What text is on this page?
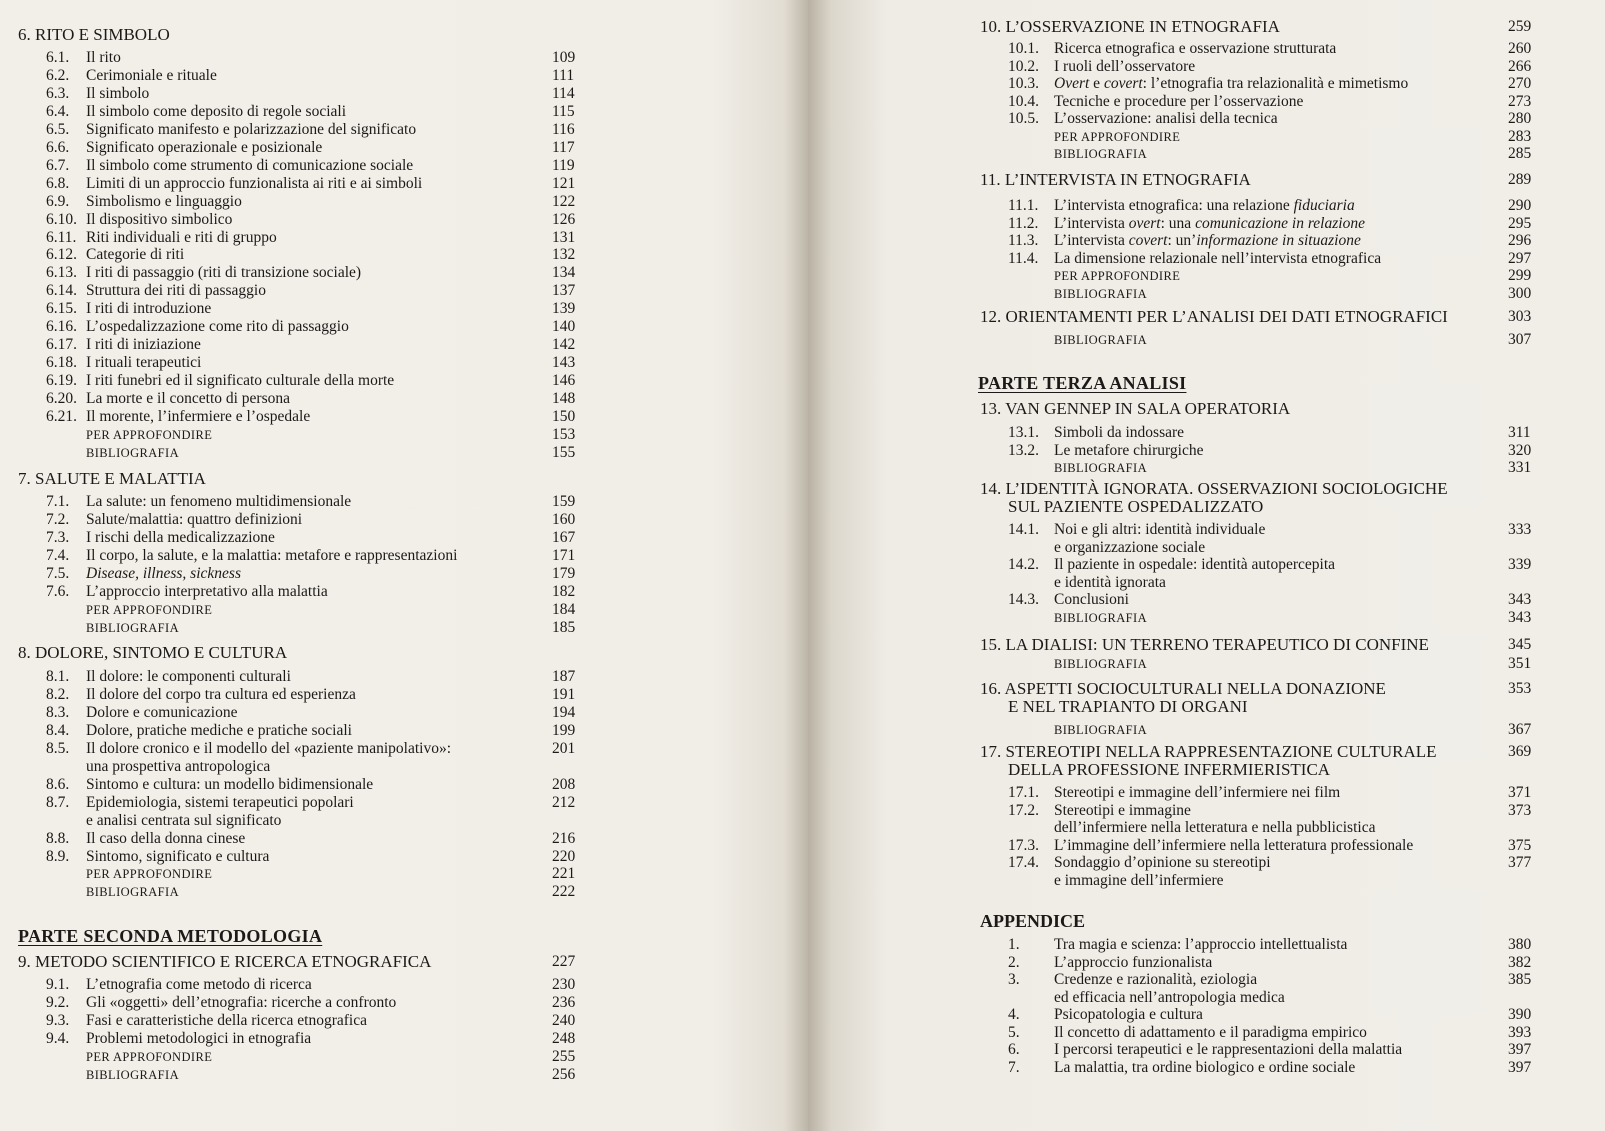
6. RITO E SIMBOLO
6.1. Il rito	109
6.2. Cerimoniale e rituale	111
6.3. Il simbolo	114
6.4. Il simbolo come deposito di regole sociali	115
6.5. Significato manifesto e polarizzazione del significato	116
6.6. Significato operazionale e posizionale	117
6.7. Il simbolo come strumento di comunicazione sociale	119
6.8. Limiti di un approccio funzionalista ai riti e ai simboli	121
6.9. Simbolismo e linguaggio	122
6.10. Il dispositivo simbolico	126
6.11. Riti individuali e riti di gruppo	131
6.12. Categorie di riti	132
6.13. I riti di passaggio (riti di transizione sociale)	134
6.14. Struttura dei riti di passaggio	137
6.15. I riti di introduzione	139
6.16. L’ospedalizzazione come rito di passaggio	140
6.17. I riti di iniziazione	142
6.18. I rituali terapeutici	143
6.19. I riti funebri ed il significato culturale della morte	146
6.20. La morte e il concetto di persona	148
6.21. Il morente, l’infermiere e l’ospedale	150
PER APPROFONDIRE	153
BIBLIOGRAFIA	155
7. SALUTE E MALATTIA
7.1. La salute: un fenomeno multidimensionale	159
7.2. Salute/malattia: quattro definizioni	160
7.3. I rischi della medicalizzazione	167
7.4. Il corpo, la salute, e la malattia: metafore e rappresentazioni	171
7.5. Disease, illness, sickness	179
7.6. L’approccio interpretativo alla malattia	182
PER APPROFONDIRE	184
BIBLIOGRAFIA	185
8. DOLORE, SINTOMO E CULTURA
8.1. Il dolore: le componenti culturali	187
8.2. Il dolore del corpo tra cultura ed esperienza	191
8.3. Dolore e comunicazione	194
8.4. Dolore, pratiche mediche e pratiche sociali	199
8.5. Il dolore cronico e il modello del «paziente manipolativo»:	201
una prospettiva antropologica
8.6. Sintomo e cultura: un modello bidimensionale	208
8.7. Epidemiologia, sistemi terapeutici popolari	212
e analisi centrata sul significato
8.8. Il caso della donna cinese	216
8.9. Sintomo, significato e cultura	220
PER APPROFONDIRE	221
BIBLIOGRAFIA	222
PARTE SECONDA METODOLOGIA
9. METODO SCIENTIFICO E RICERCA ETNOGRAFICA	227
9.1. L’etnografia come metodo di ricerca	230
9.2. Gli «oggetti» dell’etnografia: ricerche a confronto	236
9.3. Fasi e caratteristiche della ricerca etnografica	240
9.4. Problemi metodologici in etnografia	248
PER APPROFONDIRE	255
BIBLIOGRAFIA	256
10. L’OSSERVAZIONE IN ETNOGRAFIA	259
10.1. Ricerca etnografica e osservazione strutturata	260
10.2. I ruoli dell’osservatore	266
10.3. Overt e covert: l’etnografia tra relazionalità e mimetismo	270
10.4. Tecniche e procedure per l’osservazione	273
10.5. L’osservazione: analisi della tecnica	280
PER APPROFONDIRE	283
BIBLIOGRAFIA	285
11. L’INTERVISTA IN ETNOGRAFIA	289
11.1. L’intervista etnografica: una relazione fiduciaria	290
11.2. L’intervista overt: una comunicazione in relazione	295
11.3. L’intervista covert: un’informazione in situazione	296
11.4. La dimensione relazionale nell’intervista etnografica	297
PER APPROFONDIRE	299
BIBLIOGRAFIA	300
12. ORIENTAMENTI PER L’ANALISI DEI DATI ETNOGRAFICI	303
BIBLIOGRAFIA	307
PARTE TERZA ANALISI
13. VAN GENNEP IN SALA OPERATORIA
13.1. Simboli da indossare	311
13.2. Le metafore chirurgiche	320
BIBLIOGRAFIA	331
14. L’IDENTITÀ IGNORATA. OSSERVAZIONI SOCIOLOGICHE
SUL PAZIENTE OSPEDALIZZATO
14.1. Noi e gli altri: identità individuale	333
e organizzazione sociale
14.2. Il paziente in ospedale: identità autopercepita	339
e identità ignorata
14.3. Conclusioni	343
BIBLIOGRAFIA	343
15. LA DIALISI: UN TERRENO TERAPEUTICO DI CONFINE	345
BIBLIOGRAFIA	351
16. ASPETTI SOCIOCULTURALI NELLA DONAZIONE	353
E NEL TRAPIANTO DI ORGANI
BIBLIOGRAFIA	367
17. STEREOTIPI NELLA RAPPRESENTAZIONE CULTURALE	369
DELLA PROFESSIONE INFERMIERISTICA
17.1. Stereotipi e immagine dell’infermiere nei film	371
17.2. Stereotipi e immagine	373
dell’infermiere nella letteratura e nella pubblicistica
17.3. L’immagine dell’infermiere nella letteratura professionale	375
17.4. Sondaggio d’opinione su stereotipi	377
e immagine dell’infermiere
APPENDICE
1. Tra magia e scienza: l’approccio intellettualista	380
2. L’approccio funzionalista	382
3. Credenze e razionalità, eziologia	385
ed efficacia nell’antropologia medica
4. Psicopatologia e cultura	390
5. Il concetto di adattamento e il paradigma empirico	393
6. I percorsi terapeutici e le rappresentazioni della malattia	397
7. La malattia, tra ordine biologico e ordine sociale	397
